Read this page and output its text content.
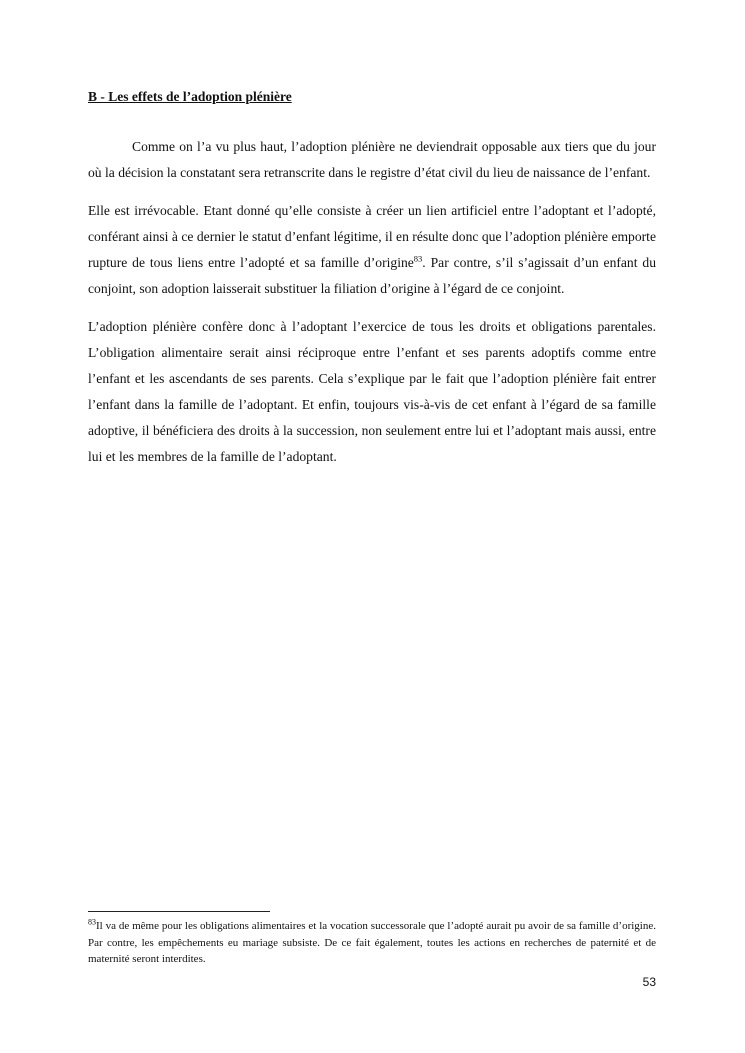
B - Les effets de l’adoption plénière

Comme on l’a vu plus haut, l’adoption plénière ne deviendrait opposable aux tiers que du jour où la décision la constatant sera retranscrite dans le registre d’état civil du lieu de naissance de l’enfant.

Elle est irrévocable. Etant donné qu’elle consiste à créer un lien artificiel entre l’adoptant et l’adopté, conférant ainsi à ce dernier le statut d’enfant légitime, il en résulte donc que l’adoption plénière emporte rupture de tous liens entre l’adopté et sa famille d’origine$^{83}$. Par contre, s’il s’agissait d’un enfant du conjoint, son adoption laisserait substituer la filiation d’origine à l’égard de ce conjoint.

L’adoption plénière confère donc à l’adoptant l’exercice de tous les droits et obligations parentales. L’obligation alimentaire serait ainsi réciproque entre l’enfant et ses parents adoptifs comme entre l’enfant et les ascendants de ses parents. Cela s’explique par le fait que l’adoption plénière fait entrer l’enfant dans la famille de l’adoptant. Et enfin, toujours vis-à-vis de cet enfant à l’égard de sa famille adoptive, il bénéficiera des droits à la succession, non seulement entre lui et l’adoptant mais aussi, entre lui et les membres de la famille de l’adoptant.

$^{83}$Il va de même pour les obligations alimentaires et la vocation successorale que l’adopté aurait pu avoir de sa famille d’origine. Par contre, les empêchements eu mariage subsiste. De ce fait également, toutes les actions en recherches de paternité et de maternité seront interdites.
53
